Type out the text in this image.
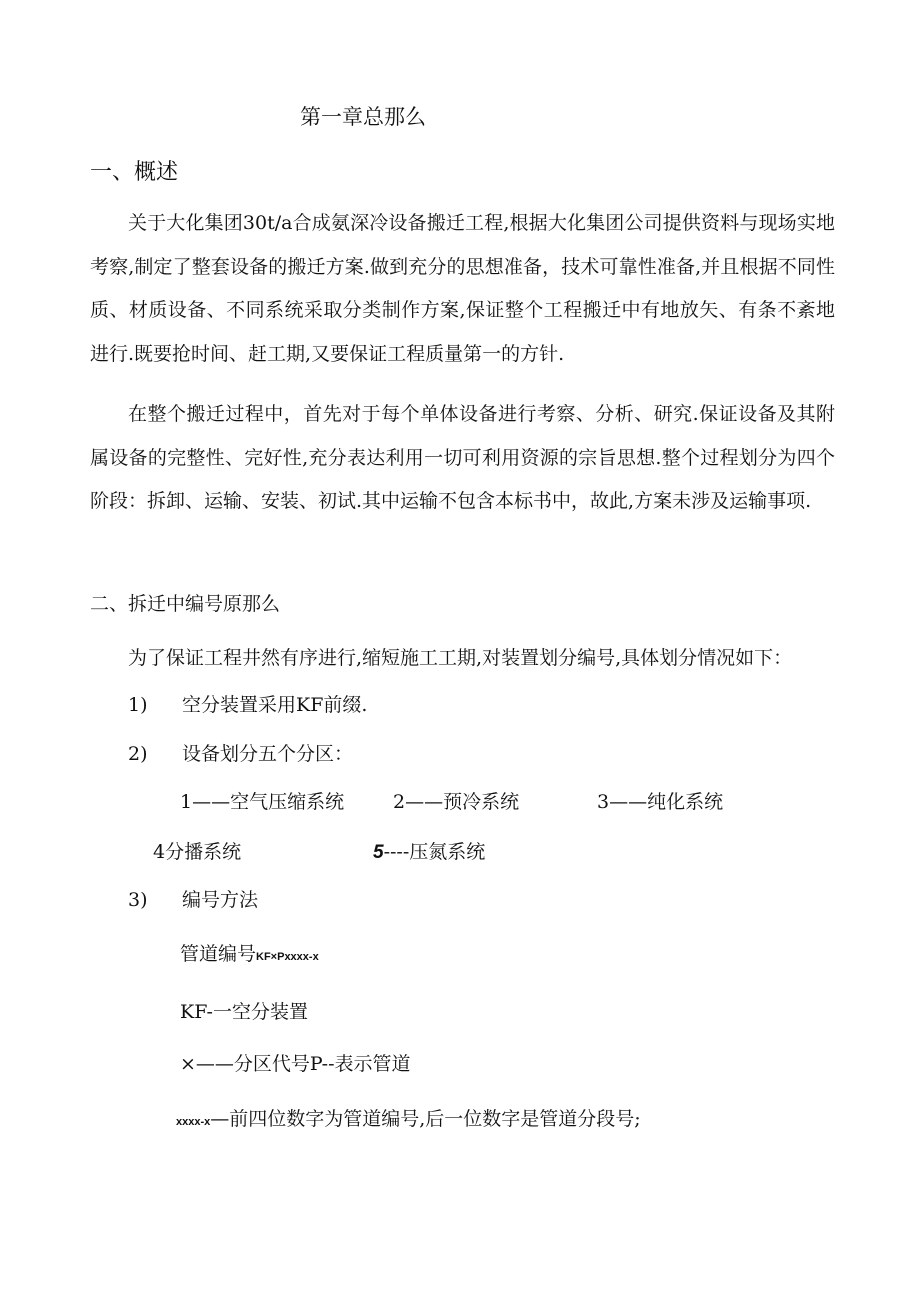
第一章总那么
一、概述

关于大化集团30t/a合成氨深冷设备搬迁工程,根据大化集团公司提供资料与现场实地考察,制定了整套设备的搬迁方案.做到充分的思想准备，技术可靠性准备,并且根据不同性质、材质设备、不同系统采取分类制作方案,保证整个工程搬迁中有地放矢、有条不紊地进行.既要抢时间、赶工期,又要保证工程质量第一的方针.

在整个搬迁过程中，首先对于每个单体设备进行考察、分析、研究.保证设备及其附属设备的完整性、完好性,充分表达利用一切可利用资源的宗旨思想.整个过程划分为四个阶段：拆卸、运输、安装、初试.其中运输不包含本标书中，故此,方案未涉及运输事项.

二、拆迁中编号原那么
为了保证工程井然有序进行,缩短施工工期,对装置划分编号,具体划分情况如下：
1) 空分装置采用KF前缀.
2) 设备划分五个分区：
1——空气压缩系统	2——预冷系统	3——纯化系统
4分播系统	5----压氮系统
3) 编号方法
管道编号KF×Pxxxx-x
KF-一空分装置
×——分区代号P--表示管道
xxxx-x—前四位数字为管道编号,后一位数字是管道分段号;
